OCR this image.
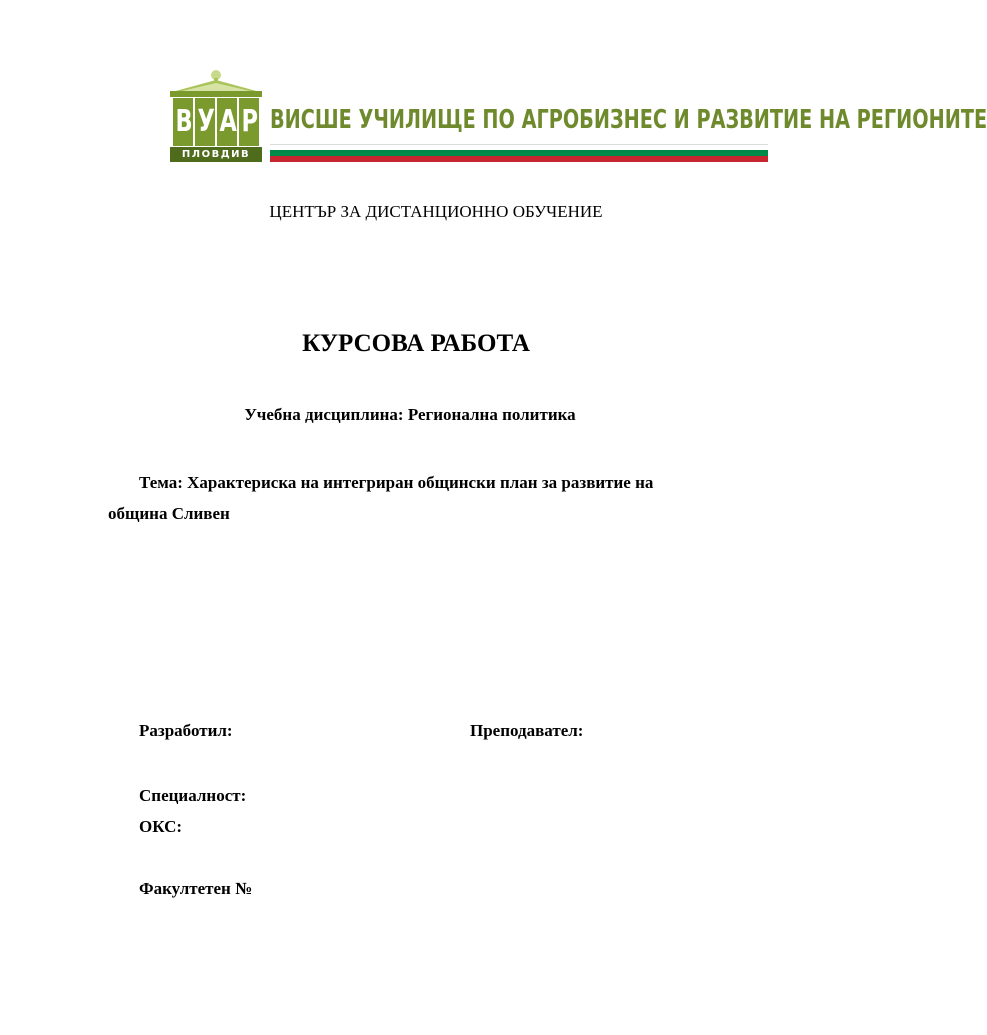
В У А Р
ПЛОВДИВ
ВИСШЕ УЧИЛИЩЕ ПО АГРОБИЗНЕС И РАЗВИТИЕ НА РЕГИОНИТЕ

ЦЕНТЪР ЗА ДИСТАНЦИОННО ОБУЧЕНИЕ

КУРСОВА РАБОТА

Учебна дисциплина: Регионална политика

Тема: Характериска на интегриран общински план за развитие на
община Сливен

Разработил:	Преподавател:

Специалност:

ОКС:

Факултетен №
